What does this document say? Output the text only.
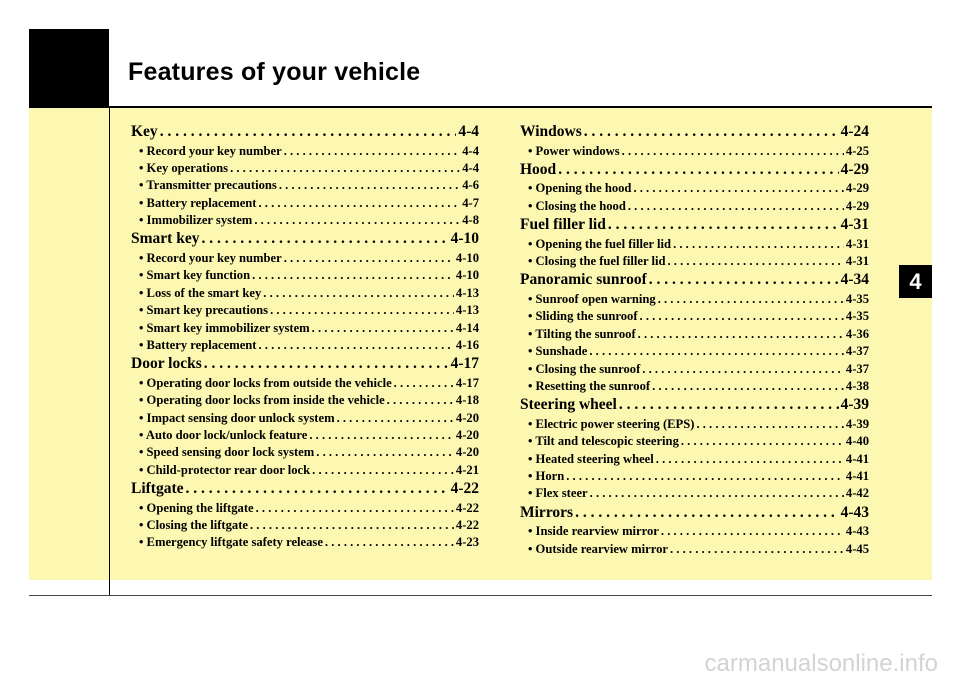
Features of your vehicle
4
Key . . .	4-4
• Record your key number . . .	4-4
• Key operations . . .	4-4
• Transmitter precautions . . .	4-6
• Battery replacement . . .	4-7
• Immobilizer system . . .	4-8
Smart key . . .	4-10
• Record your key number . . .	4-10
• Smart key function . . .	4-10
• Loss of the smart key . . .	4-13
• Smart key precautions . . .	4-13
• Smart key immobilizer system . . .	4-14
• Battery replacement . . .	4-16
Door locks . . .	4-17
• Operating door locks from outside the vehicle . . .	4-17
• Operating door locks from inside the vehicle . . .	4-18
• Impact sensing door unlock system . . .	4-20
• Auto door lock/unlock feature . . .	4-20
• Speed sensing door lock system . . .	4-20
• Child-protector rear door lock . . .	4-21
Liftgate . . .	4-22
• Opening the liftgate . . .	4-22
• Closing the liftgate . . .	4-22
• Emergency liftgate safety release . . .	4-23
Windows . . .	4-24
• Power windows . . .	4-25
Hood . . .	4-29
• Opening the hood . . .	4-29
• Closing the hood . . .	4-29
Fuel filler lid . . .	4-31
• Opening the fuel filler lid . . .	4-31
• Closing the fuel filler lid . . .	4-31
Panoramic sunroof . . .	4-34
• Sunroof open warning . . .	4-35
• Sliding the sunroof . . .	4-35
• Tilting the sunroof . . .	4-36
• Sunshade . . .	4-37
• Closing the sunroof . . .	4-37
• Resetting the sunroof . . .	4-38
Steering wheel . . .	4-39
• Electric power steering (EPS) . . .	4-39
• Tilt and telescopic steering . . .	4-40
• Heated steering wheel . . .	4-41
• Horn . . .	4-41
• Flex steer . . .	4-42
Mirrors . . .	4-43
• Inside rearview mirror . . .	4-43
• Outside rearview mirror . . .	4-45
carmanualsonline.info
